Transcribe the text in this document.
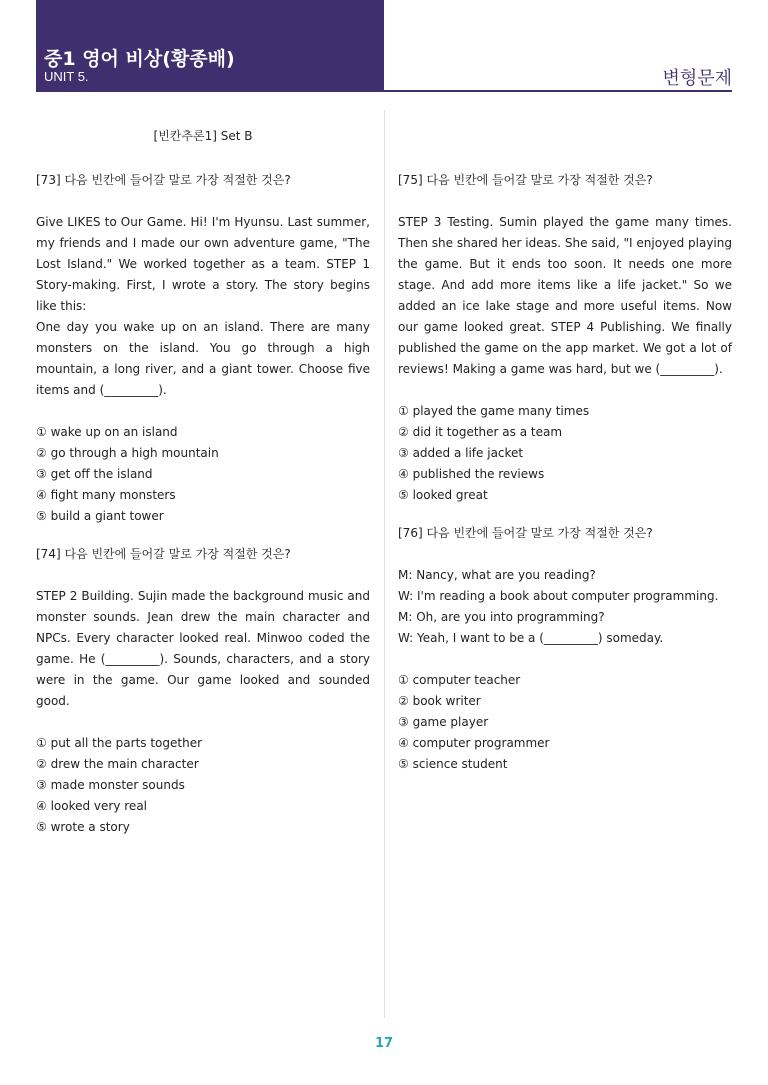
중1 영어 비상(황종배)
UNIT 5.	변형문제
[빈칸추론1] Set B
[73] 다음 빈칸에 들어갈 말로 가장 적절한 것은?

Give LIKES to Our Game. Hi! I'm Hyunsu. Last summer, my friends and I made our own adventure game, "The Lost Island." We worked together as a team. STEP 1 Story-making. First, I wrote a story. The story begins like this:

One day you wake up on an island. There are many monsters on the island. You go through a high mountain, a long river, and a giant tower. Choose five items and (_________).

① wake up on an island

② go through a high mountain

③ get off the island

④ fight many monsters

⑤ build a giant tower

[74] 다음 빈칸에 들어갈 말로 가장 적절한 것은?

STEP 2 Building. Sujin made the background music and monster sounds. Jean drew the main character and NPCs. Every character looked real. Minwoo coded the game. He (_________). Sounds, characters, and a story were in the game. Our game looked and sounded good.

① put all the parts together

② drew the main character

③ made monster sounds

④ looked very real

⑤ wrote a story

[75] 다음 빈칸에 들어갈 말로 가장 적절한 것은?

STEP 3 Testing. Sumin played the game many times. Then she shared her ideas. She said, "I enjoyed playing the game. But it ends too soon. It needs one more stage. And add more items like a life jacket." So we added an ice lake stage and more useful items. Now our game looked great. STEP 4 Publishing. We finally published the game on the app market. We got a lot of reviews! Making a game was hard, but we (_________).

① played the game many times

② did it together as a team

③ added a life jacket

④ published the reviews

⑤ looked great

[76] 다음 빈칸에 들어갈 말로 가장 적절한 것은?

M: Nancy, what are you reading?

W: I'm reading a book about computer programming.

M: Oh, are you into programming?

W: Yeah, I want to be a (_________) someday.

① computer teacher

② book writer

③ game player

④ computer programmer

⑤ science student

17
